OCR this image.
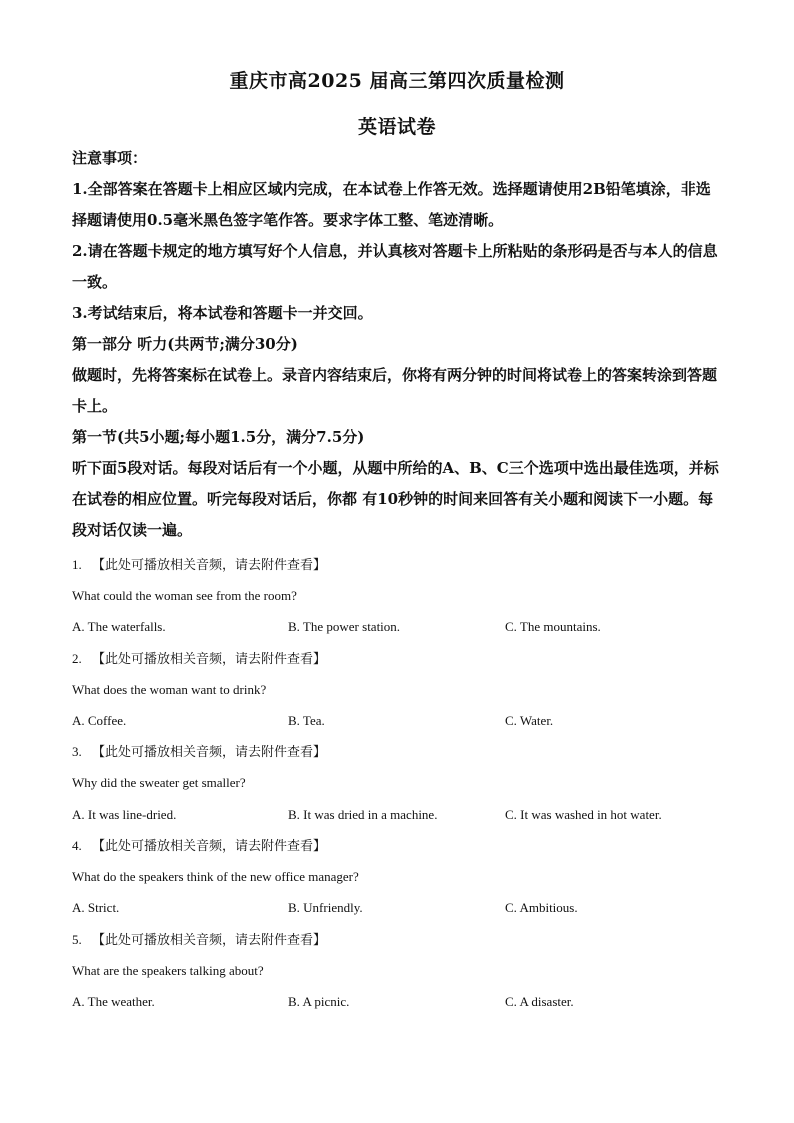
重庆市高2025 届高三第四次质量检测
英语试卷
注意事项：
1.全部答案在答题卡上相应区域内完成，在本试卷上作答无效。选择题请使用2B铅笔填涂，非选择题请使用0.5毫米黑色签字笔作答。要求字体工整、笔迹清晰。
2.请在答题卡规定的地方填写好个人信息，并认真核对答题卡上所粘贴的条形码是否与本人的信息一致。
3.考试结束后，将本试卷和答题卡一并交回。
第一部分 听力(共两节;满分30分)
做题时，先将答案标在试卷上。录音内容结束后，你将有两分钟的时间将试卷上的答案转涂到答题卡上。
第一节(共5小题;每小题1.5分，满分7.5分)
听下面5段对话。每段对话后有一个小题，从题中所给的A、B、C三个选项中选出最佳选项，并标在试卷的相应位置。听完每段对话后，你都 有10秒钟的时间来回答有关小题和阅读下一小题。每段对话仅读一遍。
1. 【此处可播放相关音频，请去附件查看】
What could the woman see from the room?
A. The waterfalls.	B. The power station.	C. The mountains.
2. 【此处可播放相关音频，请去附件查看】
What does the woman want to drink?
A. Coffee.	B. Tea.	C. Water.
3. 【此处可播放相关音频，请去附件查看】
Why did the sweater get smaller?
A. It was line-dried.	B. It was dried in a machine.	C. It was washed in hot water.
4. 【此处可播放相关音频，请去附件查看】
What do the speakers think of the new office manager?
A. Strict.	B. Unfriendly.	C. Ambitious.
5. 【此处可播放相关音频，请去附件查看】
What are the speakers talking about?
A. The weather.	B. A picnic.	C. A disaster.
